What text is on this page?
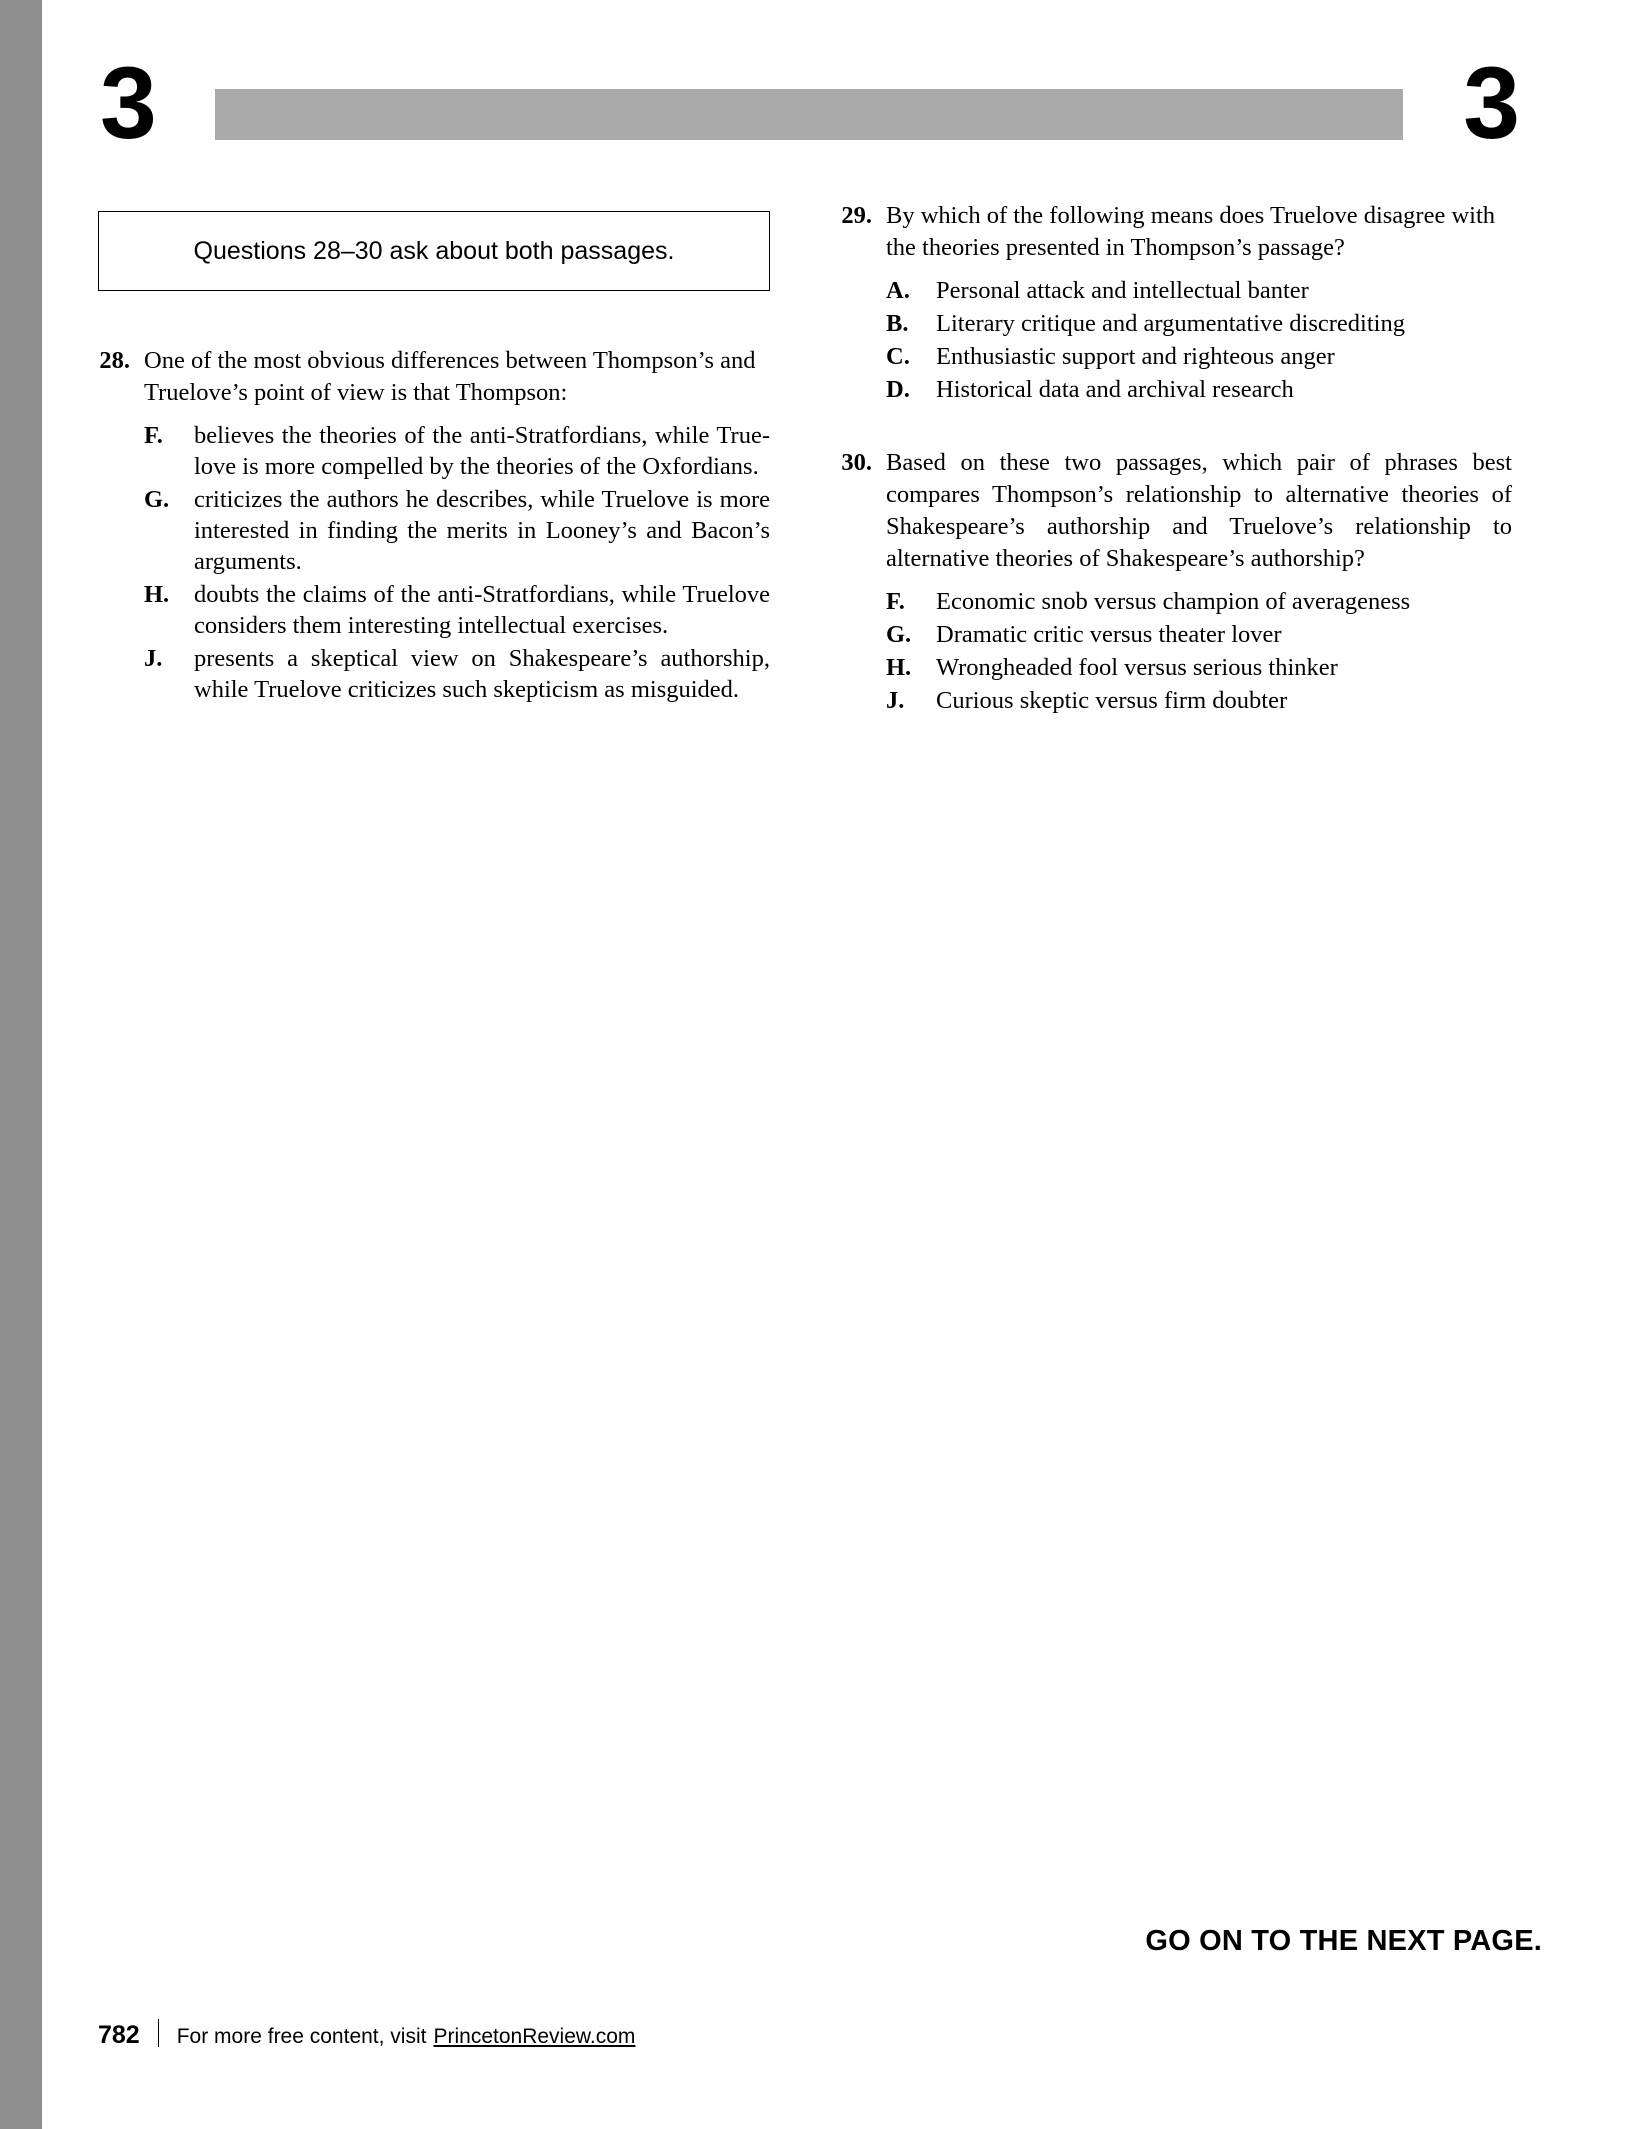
3	3
Questions 28–30 ask about both passages.
28. One of the most obvious differences between Thompson’s and Truelove’s point of view is that Thompson:
F.	believes the theories of the anti-Stratfordians, while True-love is more compelled by the theories of the Oxfordians.
G.	criticizes the authors he describes, while Truelove is more interested in finding the merits in Looney’s and Bacon’s arguments.
H.	doubts the claims of the anti-Stratfordians, while Truelove considers them interesting intellectual exercises.
J.	presents a skeptical view on Shakespeare’s authorship, while Truelove criticizes such skepticism as misguided.
29. By which of the following means does Truelove disagree with the theories presented in Thompson’s passage?
A.	Personal attack and intellectual banter
B.	Literary critique and argumentative discrediting
C.	Enthusiastic support and righteous anger
D.	Historical data and archival research
30. Based on these two passages, which pair of phrases best compares Thompson’s relationship to alternative theories of Shakespeare’s authorship and Truelove’s relationship to alternative theories of Shakespeare’s authorship?
F.	Economic snob versus champion of averageness
G.	Dramatic critic versus theater lover
H.	Wrongheaded fool versus serious thinker
J.	Curious skeptic versus firm doubter
GO ON TO THE NEXT PAGE.
782 For more free content, visit PrincetonReview.com
